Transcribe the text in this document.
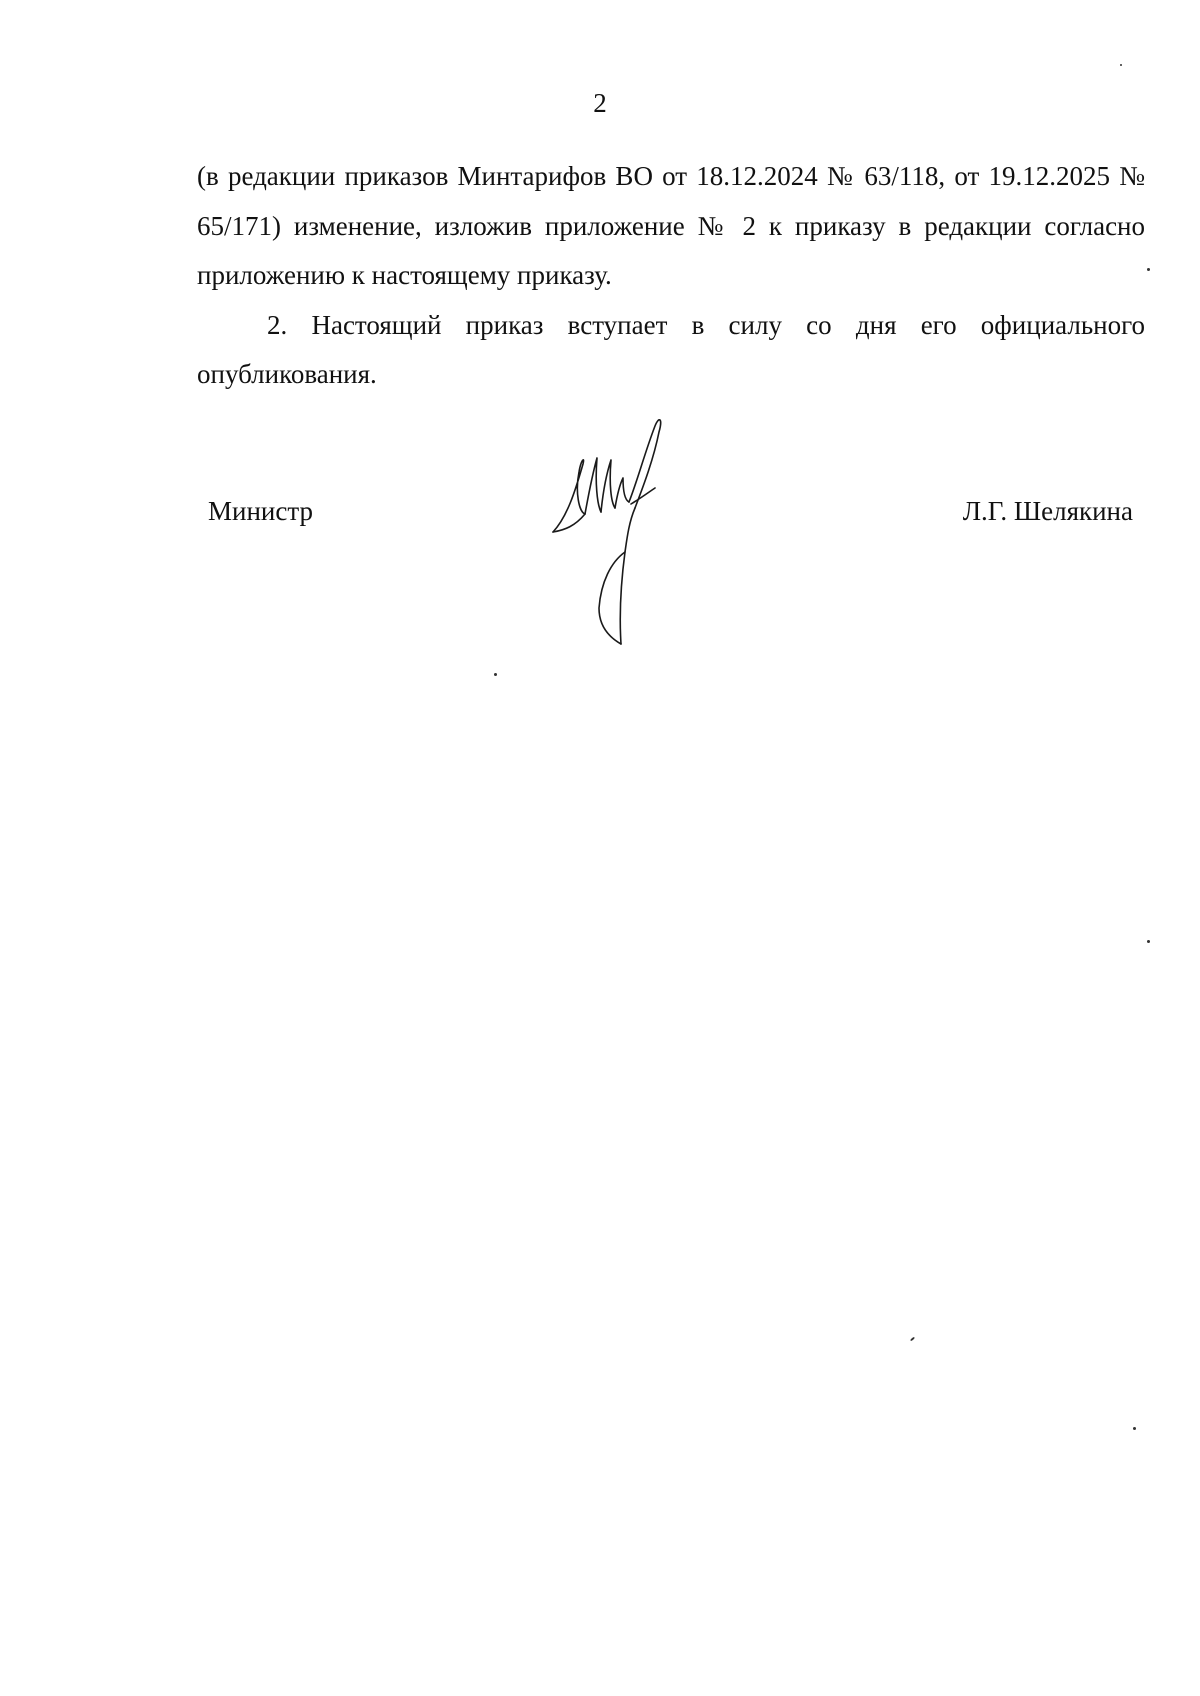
2

(в редакции приказов Минтарифов ВО от 18.12.2024 № 63/118, от 19.12.2025 № 65/171) изменение, изложив приложение № 2 к приказу в редакции согласно приложению к настоящему приказу.

2. Настоящий приказ вступает в силу со дня его официального опубликования.

Министр	Л.Г. Шелякина
